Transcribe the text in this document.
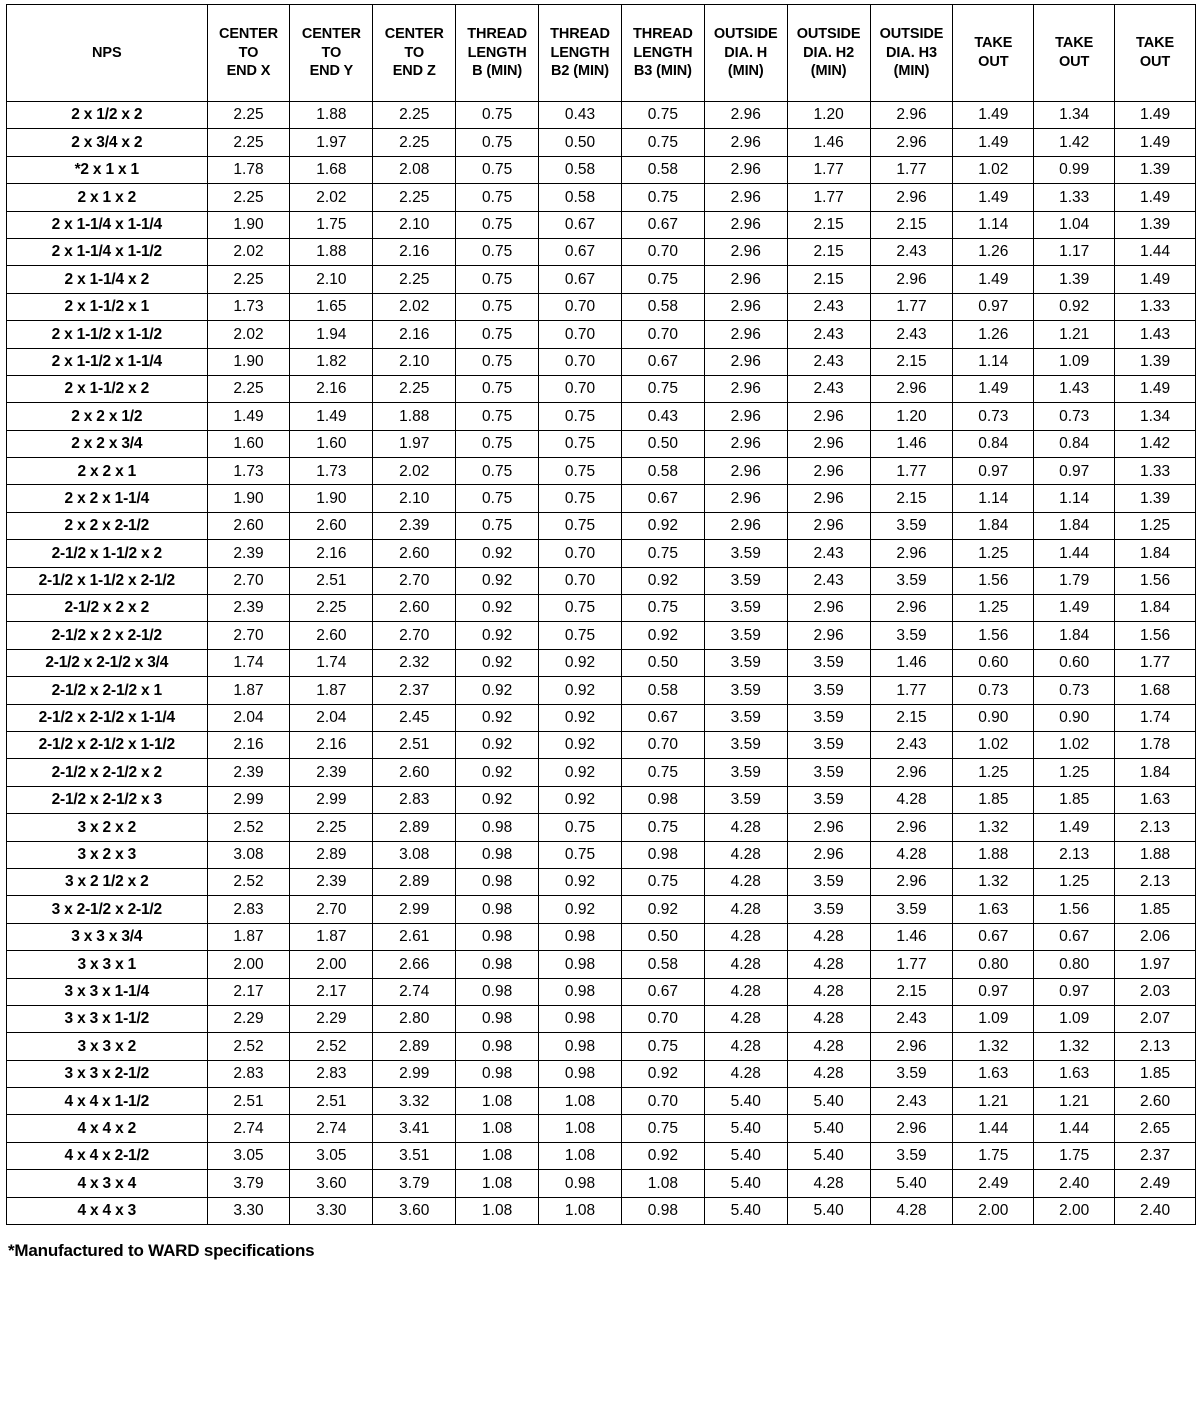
NPS	CENTER
TO
END X	CENTER
TO
END Y	CENTER
TO
END Z	THREAD
LENGTH
B (MIN)	THREAD
LENGTH
B2 (MIN)	THREAD
LENGTH
B3 (MIN)	OUTSIDE
DIA. H
(MIN)	OUTSIDE
DIA. H2
(MIN)	OUTSIDE
DIA. H3
(MIN)	TAKE
OUT	TAKE
OUT	TAKE
OUT

2 x 1/2 x 2	2.25	1.88	2.25	0.75	0.43	0.75	2.96	1.20	2.96	1.49	1.34	1.49
2 x 3/4 x 2	2.25	1.97	2.25	0.75	0.50	0.75	2.96	1.46	2.96	1.49	1.42	1.49
*2 x 1 x 1	1.78	1.68	2.08	0.75	0.58	0.58	2.96	1.77	1.77	1.02	0.99	1.39
2 x 1 x 2	2.25	2.02	2.25	0.75	0.58	0.75	2.96	1.77	2.96	1.49	1.33	1.49
2 x 1-1/4 x 1-1/4	1.90	1.75	2.10	0.75	0.67	0.67	2.96	2.15	2.15	1.14	1.04	1.39
2 x 1-1/4 x 1-1/2	2.02	1.88	2.16	0.75	0.67	0.70	2.96	2.15	2.43	1.26	1.17	1.44
2 x 1-1/4 x 2	2.25	2.10	2.25	0.75	0.67	0.75	2.96	2.15	2.96	1.49	1.39	1.49
2 x 1-1/2 x 1	1.73	1.65	2.02	0.75	0.70	0.58	2.96	2.43	1.77	0.97	0.92	1.33
2 x 1-1/2 x 1-1/2	2.02	1.94	2.16	0.75	0.70	0.70	2.96	2.43	2.43	1.26	1.21	1.43
2 x 1-1/2 x 1-1/4	1.90	1.82	2.10	0.75	0.70	0.67	2.96	2.43	2.15	1.14	1.09	1.39
2 x 1-1/2 x 2	2.25	2.16	2.25	0.75	0.70	0.75	2.96	2.43	2.96	1.49	1.43	1.49
2 x 2 x 1/2	1.49	1.49	1.88	0.75	0.75	0.43	2.96	2.96	1.20	0.73	0.73	1.34
2 x 2 x 3/4	1.60	1.60	1.97	0.75	0.75	0.50	2.96	2.96	1.46	0.84	0.84	1.42
2 x 2 x 1	1.73	1.73	2.02	0.75	0.75	0.58	2.96	2.96	1.77	0.97	0.97	1.33
2 x 2 x 1-1/4	1.90	1.90	2.10	0.75	0.75	0.67	2.96	2.96	2.15	1.14	1.14	1.39
2 x 2 x 2-1/2	2.60	2.60	2.39	0.75	0.75	0.92	2.96	2.96	3.59	1.84	1.84	1.25
2-1/2 x 1-1/2 x 2	2.39	2.16	2.60	0.92	0.70	0.75	3.59	2.43	2.96	1.25	1.44	1.84
2-1/2 x 1-1/2 x 2-1/2	2.70	2.51	2.70	0.92	0.70	0.92	3.59	2.43	3.59	1.56	1.79	1.56
2-1/2 x 2 x 2	2.39	2.25	2.60	0.92	0.75	0.75	3.59	2.96	2.96	1.25	1.49	1.84
2-1/2 x 2 x 2-1/2	2.70	2.60	2.70	0.92	0.75	0.92	3.59	2.96	3.59	1.56	1.84	1.56
2-1/2 x 2-1/2 x 3/4	1.74	1.74	2.32	0.92	0.92	0.50	3.59	3.59	1.46	0.60	0.60	1.77
2-1/2 x 2-1/2 x 1	1.87	1.87	2.37	0.92	0.92	0.58	3.59	3.59	1.77	0.73	0.73	1.68
2-1/2 x 2-1/2 x 1-1/4	2.04	2.04	2.45	0.92	0.92	0.67	3.59	3.59	2.15	0.90	0.90	1.74
2-1/2 x 2-1/2 x 1-1/2	2.16	2.16	2.51	0.92	0.92	0.70	3.59	3.59	2.43	1.02	1.02	1.78
2-1/2 x 2-1/2 x 2	2.39	2.39	2.60	0.92	0.92	0.75	3.59	3.59	2.96	1.25	1.25	1.84
2-1/2 x 2-1/2 x 3	2.99	2.99	2.83	0.92	0.92	0.98	3.59	3.59	4.28	1.85	1.85	1.63
3 x 2 x 2	2.52	2.25	2.89	0.98	0.75	0.75	4.28	2.96	2.96	1.32	1.49	2.13
3 x 2 x 3	3.08	2.89	3.08	0.98	0.75	0.98	4.28	2.96	4.28	1.88	2.13	1.88
3 x 2 1/2 x 2	2.52	2.39	2.89	0.98	0.92	0.75	4.28	3.59	2.96	1.32	1.25	2.13
3 x 2-1/2 x 2-1/2	2.83	2.70	2.99	0.98	0.92	0.92	4.28	3.59	3.59	1.63	1.56	1.85
3 x 3 x 3/4	1.87	1.87	2.61	0.98	0.98	0.50	4.28	4.28	1.46	0.67	0.67	2.06
3 x 3 x 1	2.00	2.00	2.66	0.98	0.98	0.58	4.28	4.28	1.77	0.80	0.80	1.97
3 x 3 x 1-1/4	2.17	2.17	2.74	0.98	0.98	0.67	4.28	4.28	2.15	0.97	0.97	2.03
3 x 3 x 1-1/2	2.29	2.29	2.80	0.98	0.98	0.70	4.28	4.28	2.43	1.09	1.09	2.07
3 x 3 x 2	2.52	2.52	2.89	0.98	0.98	0.75	4.28	4.28	2.96	1.32	1.32	2.13
3 x 3 x 2-1/2	2.83	2.83	2.99	0.98	0.98	0.92	4.28	4.28	3.59	1.63	1.63	1.85
4 x 4 x 1-1/2	2.51	2.51	3.32	1.08	1.08	0.70	5.40	5.40	2.43	1.21	1.21	2.60
4 x 4 x 2	2.74	2.74	3.41	1.08	1.08	0.75	5.40	5.40	2.96	1.44	1.44	2.65
4 x 4 x 2-1/2	3.05	3.05	3.51	1.08	1.08	0.92	5.40	5.40	3.59	1.75	1.75	2.37
4 x 3 x 4	3.79	3.60	3.79	1.08	0.98	1.08	5.40	4.28	5.40	2.49	2.40	2.49
4 x 4 x 3	3.30	3.30	3.60	1.08	1.08	0.98	5.40	5.40	4.28	2.00	2.00	2.40
*Manufactured to WARD specifications
